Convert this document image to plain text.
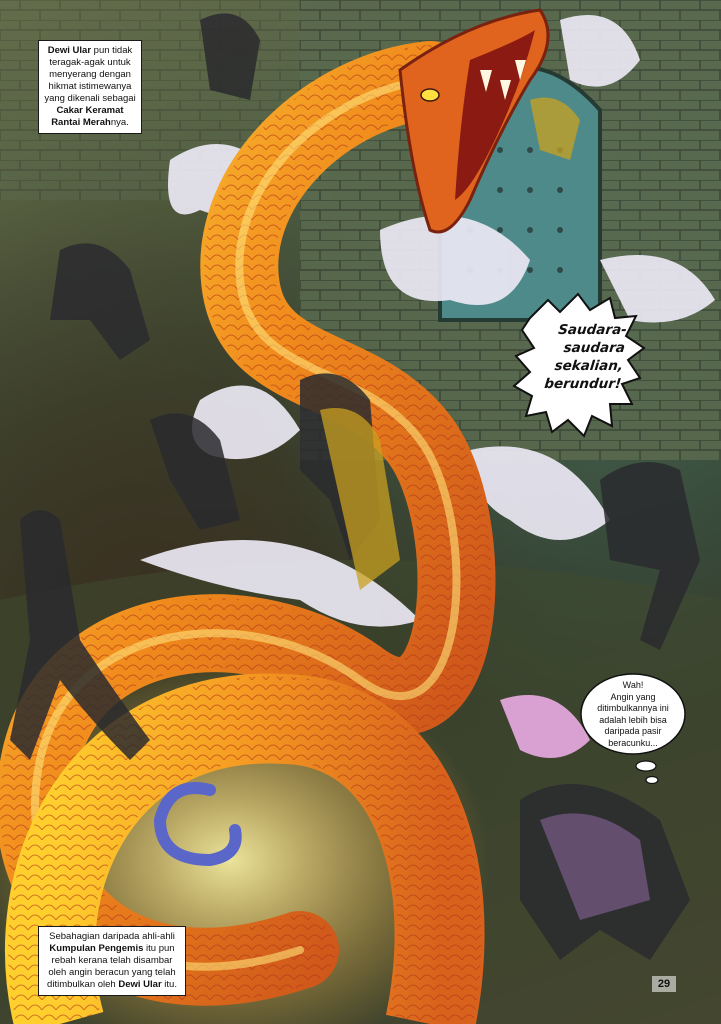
Dewi Ular pun tidak teragak-agak untuk menyerang dengan hikmat istimewanya yang dikenali sebagai Cakar Keramat Rantai Merahnya.
Sebahagian daripada ahli-ahli Kumpulan Pengemis itu pun rebah kerana telah disambar oleh angin beracun yang telah ditimbulkan oleh Dewi Ular itu.
Saudara-
saudara
sekalian,
berundur!
Wah!
Angin yang
ditimbulkannya ini
adalah lebih bisa
daripada pasir
beracunku...
29
